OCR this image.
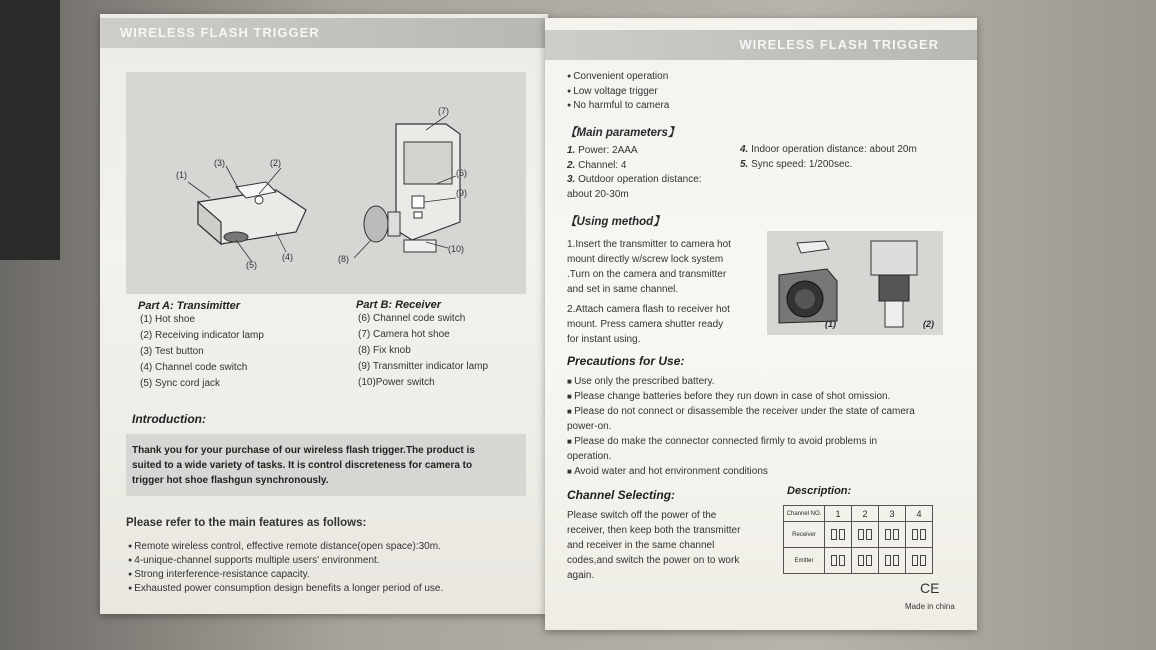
WIRELESS FLASH TRIGGER
(1)
(2)
(3)
(4)
(5)
(6)
(7)
(8)
(9)
(10)
Part A: Transimitter
(1) Hot shoe
(2) Receiving indicator lamp
(3) Test button
(4) Channel code switch
(5) Sync cord jack
Part B: Receiver
(6) Channel code switch
(7) Camera hot shoe
(8) Fix knob
(9) Transmitter indicator lamp
(10)Power switch
Introduction:
Thank you for your purchase of our wireless flash trigger.The product is
suited to a wide variety of tasks. It is control discreteness for camera to
trigger hot shoe flashgun synchronously.
Please refer to the main features as follows:
● Remote wireless control, effective remote distance(open space):30m.
● 4-unique-channel supports multiple users' environment.
● Strong interference-resistance capacity.
● Exhausted power consumption design benefits a longer period of use.
WIRELESS FLASH TRIGGER
● Convenient operation
● Low voltage trigger
● No harmful to camera
【Main parameters】
1. Power: 2AAA
2. Channel: 4
3. Outdoor operation distance:
about 20-30m
4. Indoor operation distance: about 20m
5. Sync speed: 1/200sec.
【Using method】
1.Insert the transmitter to camera hot
mount directly w/screw lock system
.Turn on the camera and transmitter
and set in same channel.
2.Attach camera flash to receiver hot
mount. Press camera shutter ready
for instant using.
(1)	(2)
Precautions for Use:
■ Use only the prescribed battery.
■ Please change batteries before they run down in case of shot omission.
■ Please do not connect or disassemble the receiver under the state of camera
power-on.
■ Please do make the connector connected firmly to avoid problems in
operation.
■ Avoid water and hot environment conditions
Channel Selecting:
Please switch off the power of the
receiver, then keep both the transmitter
and receiver in the same channel
codes,and switch the power on to work
again.
Description:
Channel NO.	1	2	3	4
Receiver				
Emitter				
CE
Made in china
